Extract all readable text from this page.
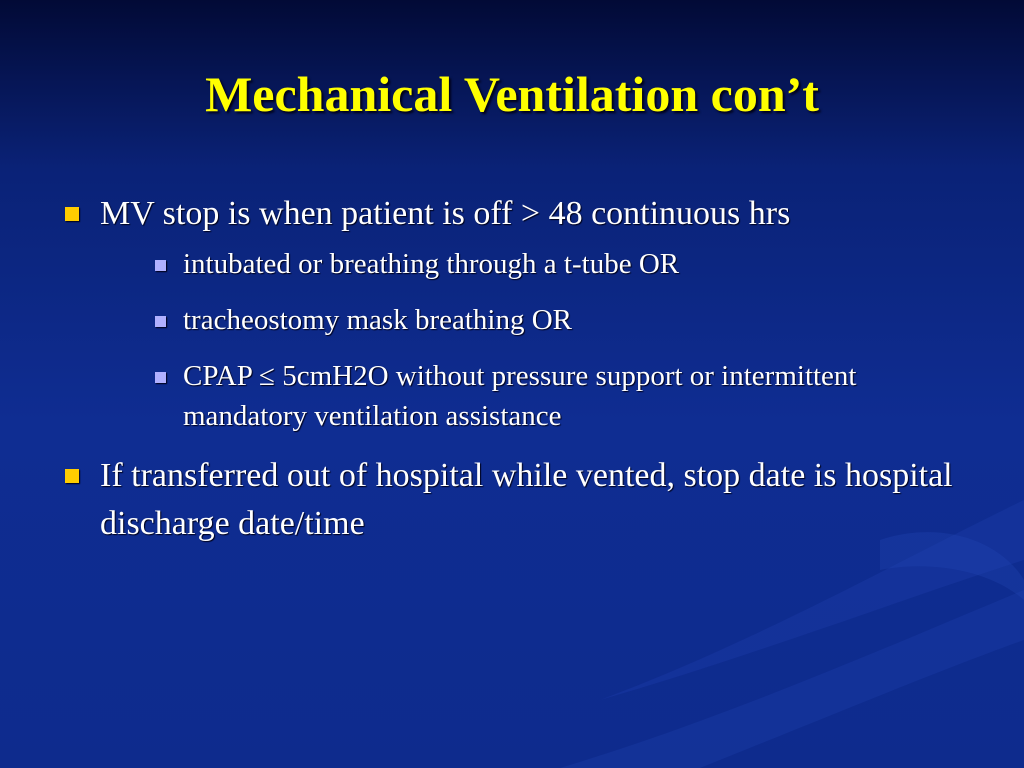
Mechanical Ventilation con’t
MV stop is when patient is off > 48 continuous hrs
intubated or breathing through a t-tube OR
tracheostomy mask breathing OR
CPAP ≤ 5cmH2O without pressure support or intermittent mandatory ventilation assistance
If transferred out of hospital while vented, stop date is hospital discharge date/time
